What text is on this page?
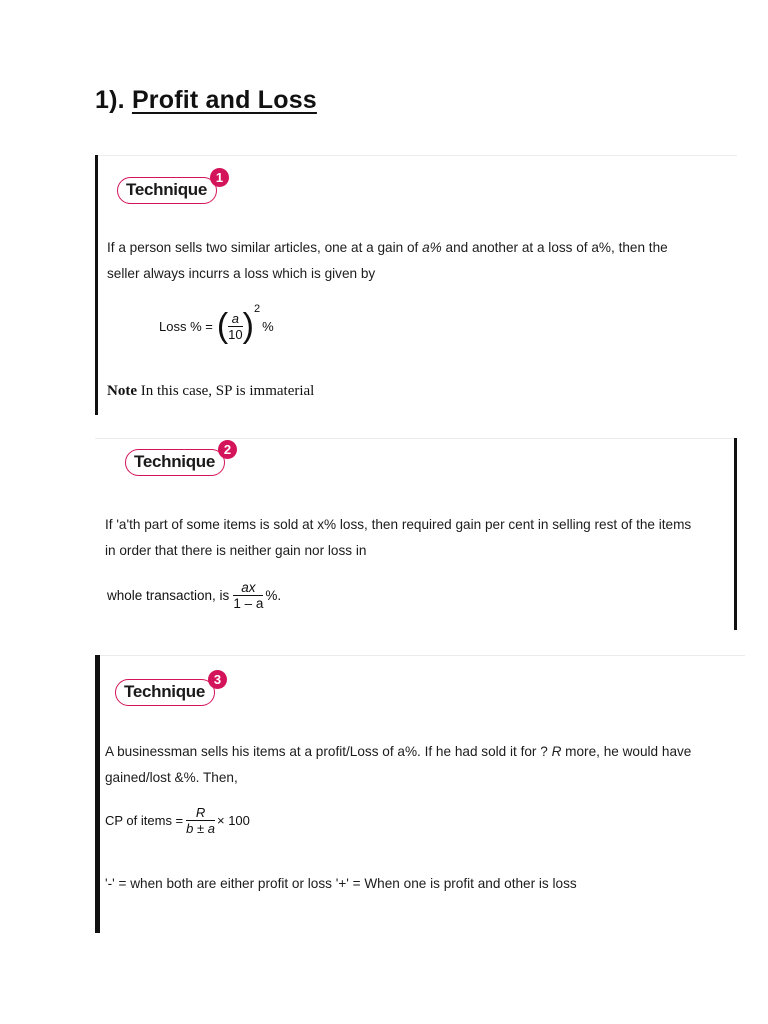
1). Profit and Loss
Technique
1
If a person sells two similar articles, one at a gain of a% and another at a loss of a%, then the
seller always incurrs a loss which is given by
Loss % = ( $\frac{a}{10}$ ) 2
%
Note In this case, SP is immaterial
Technique
2
If 'a'th part of some items is sold at x% loss, then required gain per cent in selling rest of the items
in order that there is neither gain nor loss in
whole transaction, is $\frac{ax}{1 - a}$ %.
Technique
3
A businessman sells his items at a profit/Loss of a%. If he had sold it for ? R more, he would have
gained/lost &%. Then,
CP of items = $\frac{R}{b \pm a} \times 100$
'-' = when both are either profit or loss '+' = When one is profit and other is loss
